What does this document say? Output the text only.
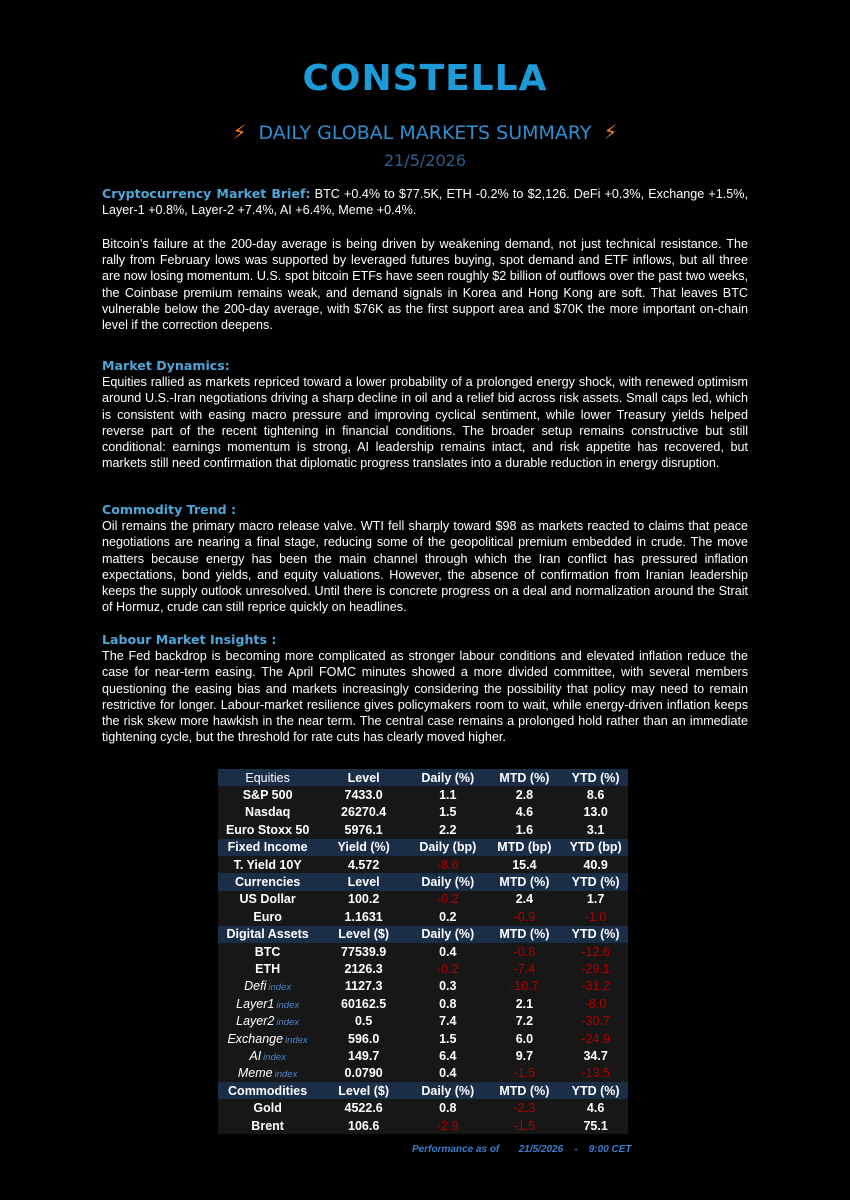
CONSTELLA
⚡ DAILY GLOBAL MARKETS SUMMARY ⚡
21/5/2026
Cryptocurrency Market Brief: BTC +0.4% to $77.5K, ETH -0.2% to $2,126. DeFi +0.3%, Exchange +1.5%, Layer-1 +0.8%, Layer-2 +7.4%, AI +6.4%, Meme +0.4%.
Bitcoin’s failure at the 200-day average is being driven by weakening demand, not just technical resistance. The rally from February lows was supported by leveraged futures buying, spot demand and ETF inflows, but all three are now losing momentum. U.S. spot bitcoin ETFs have seen roughly $2 billion of outflows over the past two weeks, the Coinbase premium remains weak, and demand signals in Korea and Hong Kong are soft. That leaves BTC vulnerable below the 200-day average, with $76K as the first support area and $70K the more important on-chain level if the correction deepens.
Market Dynamics:
Equities rallied as markets repriced toward a lower probability of a prolonged energy shock, with renewed optimism around U.S.-Iran negotiations driving a sharp decline in oil and a relief bid across risk assets. Small caps led, which is consistent with easing macro pressure and improving cyclical sentiment, while lower Treasury yields helped reverse part of the recent tightening in financial conditions. The broader setup remains constructive but still conditional: earnings momentum is strong, AI leadership remains intact, and risk appetite has recovered, but markets still need confirmation that diplomatic progress translates into a durable reduction in energy disruption.
Commodity Trend :
Oil remains the primary macro release valve. WTI fell sharply toward $98 as markets reacted to claims that peace negotiations are nearing a final stage, reducing some of the geopolitical premium embedded in crude. The move matters because energy has been the main channel through which the Iran conflict has pressured inflation expectations, bond yields, and equity valuations. However, the absence of confirmation from Iranian leadership keeps the supply outlook unresolved. Until there is concrete progress on a deal and normalization around the Strait of Hormuz, crude can still reprice quickly on headlines.
Labour Market Insights :
The Fed backdrop is becoming more complicated as stronger labour conditions and elevated inflation reduce the case for near-term easing. The April FOMC minutes showed a more divided committee, with several members questioning the easing bias and markets increasingly considering the possibility that policy may need to remain restrictive for longer. Labour-market resilience gives policymakers room to wait, while energy-driven inflation keeps the risk skew more hawkish in the near term. The central case remains a prolonged hold rather than an immediate tightening cycle, but the threshold for rate cuts has clearly moved higher.
Equities	Level	Daily (%)	MTD (%)	YTD (%)
S&P 500	7433.0	1.1	2.8	8.6
Nasdaq	26270.4	1.5	4.6	13.0
Euro Stoxx 50	5976.1	2.2	1.6	3.1
Fixed Income	Yield (%)	Daily (bp)	MTD (bp)	YTD (bp)
T. Yield 10Y	4.572	-8.6	15.4	40.9
Currencies	Level	Daily (%)	MTD (%)	YTD (%)
US Dollar	100.2	-0.2	2.4	1.7
Euro	1.1631	0.2	-0.9	-1.0
Digital Assets	Level ($)	Daily (%)	MTD (%)	YTD (%)
BTC	77539.9	0.4	-0.8	-12.6
ETH	2126.3	-0.2	-7.4	-29.1
Defi index	1127.3	0.3	-10.7	-31.2
Layer1 index	60162.5	0.8	2.1	-8.0
Layer2 index	0.5	7.4	7.2	-30.7
Exchange index	596.0	1.5	6.0	-24.9
AI index	149.7	6.4	9.7	34.7
Meme index	0.0790	0.4	-1.5	-13.5
Commodities	Level ($)	Daily (%)	MTD (%)	YTD (%)
Gold	4522.6	0.8	-2.3	4.6
Brent	106.6	-2.9	-1.5	75.1
Performance as of       21/5/2026    -    9:00 CET
